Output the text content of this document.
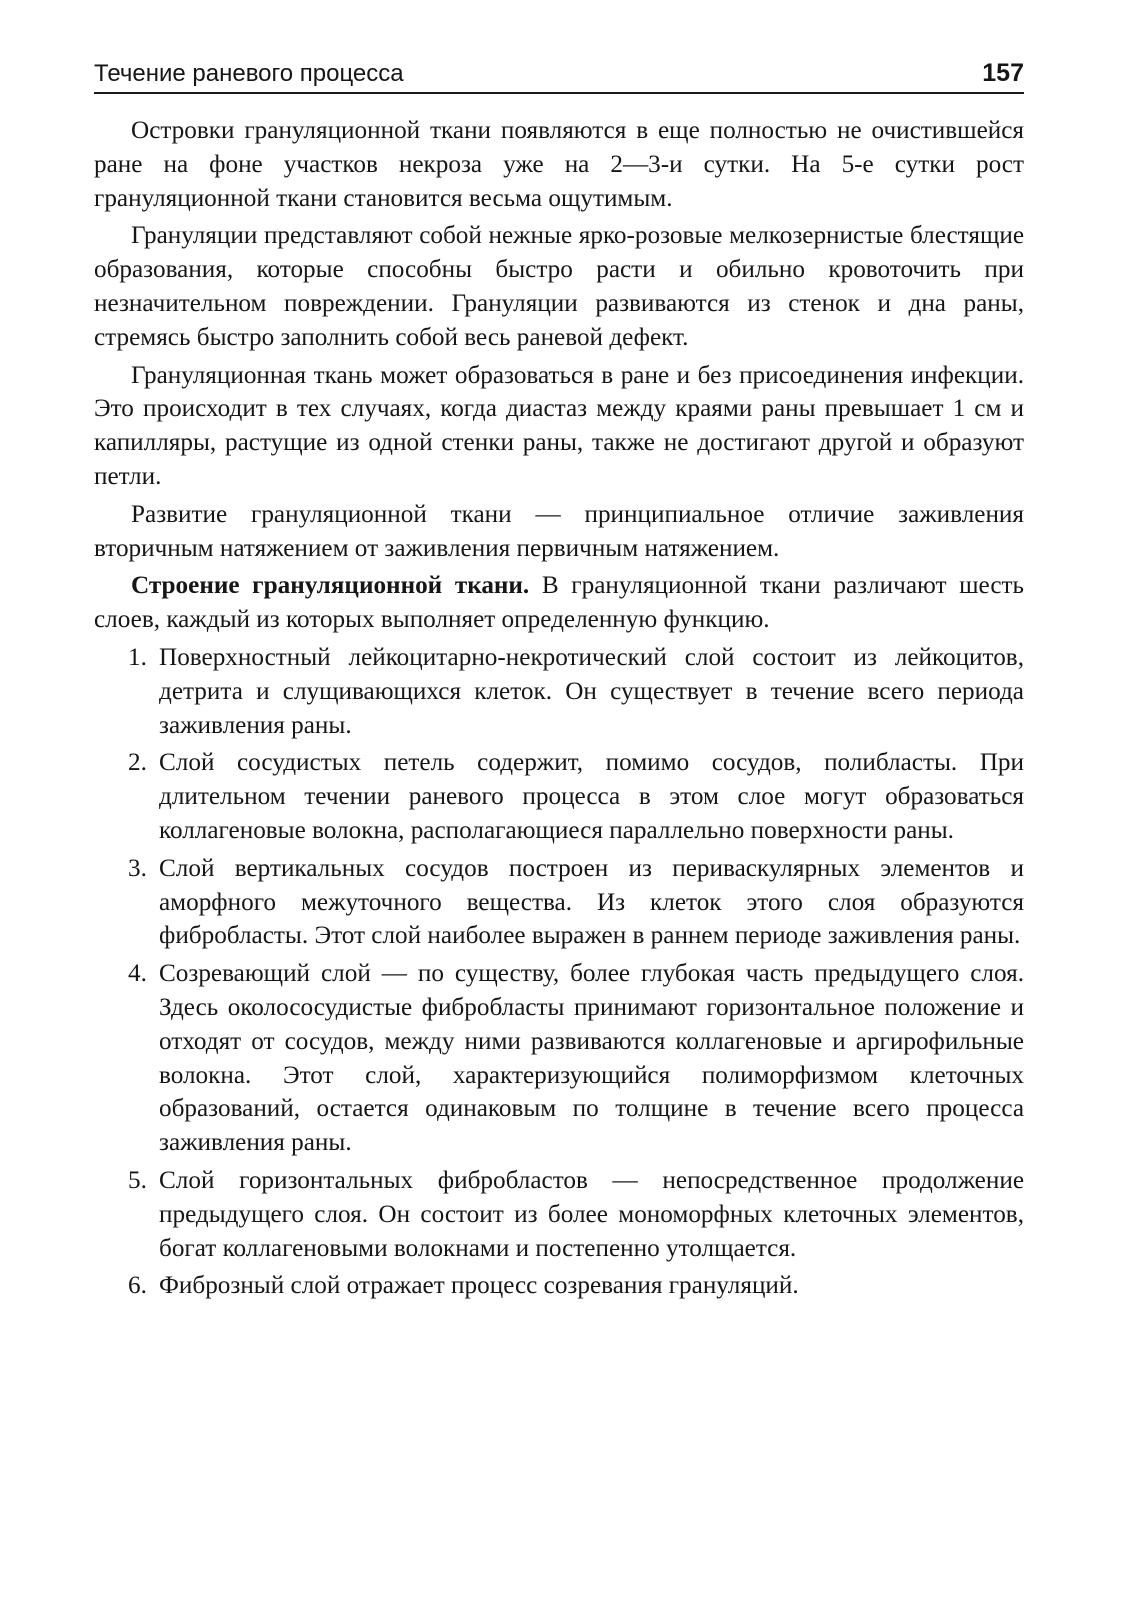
Течение раневого процесса	157

Островки грануляционной ткани появляются в еще полностью не очистившейся ране на фоне участков некроза уже на 2—3-и сутки. На 5-е сутки рост грануляционной ткани становится весьма ощутимым.

Грануляции представляют собой нежные ярко-розовые мелкозернистые блестящие образования, которые способны быстро расти и обильно кровоточить при незначительном повреждении. Грануляции развиваются из стенок и дна раны, стремясь быстро заполнить собой весь раневой дефект.

Грануляционная ткань может образоваться в ране и без присоединения инфекции. Это происходит в тех случаях, когда диастаз между краями раны превышает 1 см и капилляры, растущие из одной стенки раны, также не достигают другой и образуют петли.

Развитие грануляционной ткани — принципиальное отличие заживления вторичным натяжением от заживления первичным натяжением.

Строение грануляционной ткани. В грануляционной ткани различают шесть слоев, каждый из которых выполняет определенную функцию.

1. Поверхностный лейкоцитарно-некротический слой состоит из лейкоцитов, детрита и слущивающихся клеток. Он существует в течение всего периода заживления раны.
2. Слой сосудистых петель содержит, помимо сосудов, полибласты. При длительном течении раневого процесса в этом слое могут образоваться коллагеновые волокна, располагающиеся параллельно поверхности раны.
3. Слой вертикальных сосудов построен из периваскулярных элементов и аморфного межуточного вещества. Из клеток этого слоя образуются фибробласты. Этот слой наиболее выражен в раннем периоде заживления раны.
4. Созревающий слой — по существу, более глубокая часть предыдущего слоя. Здесь околососудистые фибробласты принимают горизонтальное положение и отходят от сосудов, между ними развиваются коллагеновые и аргирофильные волокна. Этот слой, характеризующийся полиморфизмом клеточных образований, остается одинаковым по толщине в течение всего процесса заживления раны.
5. Слой горизонтальных фибробластов — непосредственное продолжение предыдущего слоя. Он состоит из более мономорфных клеточных элементов, богат коллагеновыми волокнами и постепенно утолщается.
6. Фиброзный слой отражает процесс созревания грануляций.
